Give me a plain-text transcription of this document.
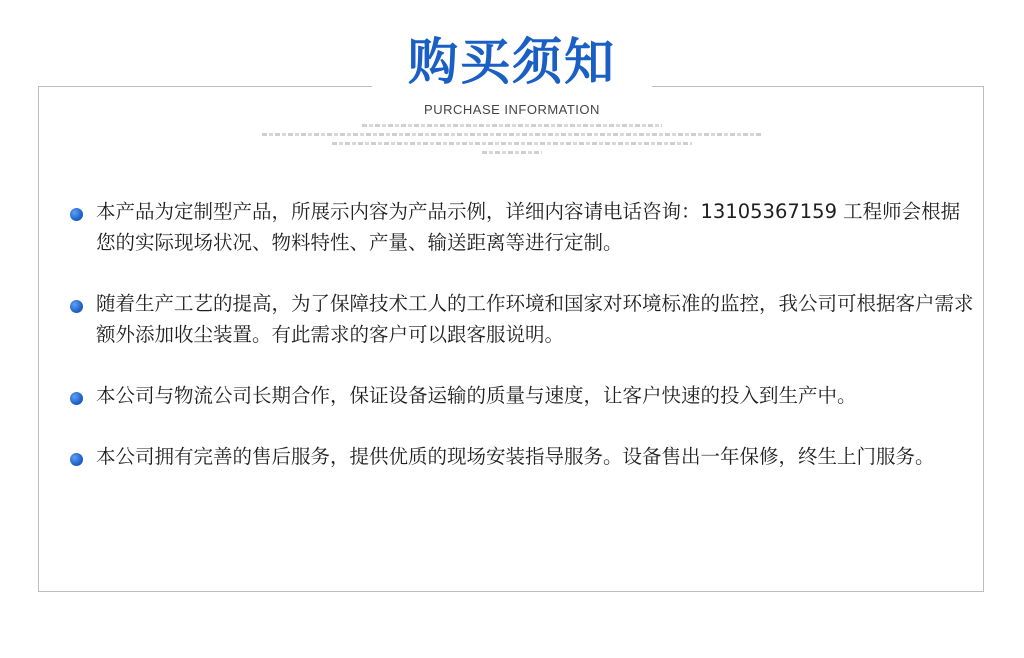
购买须知
PURCHASE INFORMATION
本产品为定制型产品，所展示内容为产品示例，详细内容请电话咨询：13105367159 工程师会根据您的实际现场状况、物料特性、产量、输送距离等进行定制。
随着生产工艺的提高，为了保障技术工人的工作环境和国家对环境标准的监控，我公司可根据客户需求额外添加收尘装置。有此需求的客户可以跟客服说明。
本公司与物流公司长期合作，保证设备运输的质量与速度，让客户快速的投入到生产中。
本公司拥有完善的售后服务，提供优质的现场安装指导服务。设备售出一年保修，终生上门服务。
